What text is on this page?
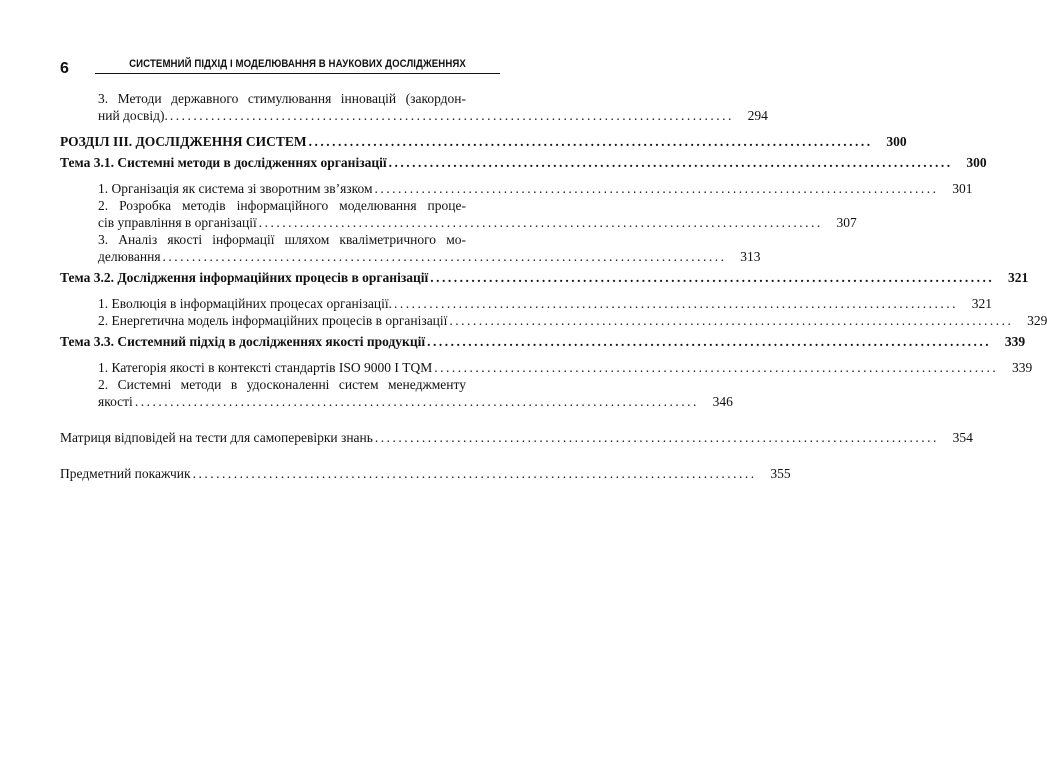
6	СИСТЕМНИЙ ПІДХІД І МОДЕЛЮВАННЯ В НАУКОВИХ ДОСЛІДЖЕННЯХ
3. Методи державного стимулювання інновацій (закордон-
ний досвід). ................................................................................................	294
РОЗДІЛ ІІІ. ДОСЛІДЖЕННЯ СИСТЕМ ................................................................................................	300
Тема 3.1. Системні методи в дослідженнях організації ................................................................................................	300
1. Організація як система зі зворотним зв’язком ................................................................................................	301
2. Розробка методів інформаційного моделювання проце-
сів управління в організації ................................................................................................	307
3. Аналіз якості інформації шляхом кваліметричного мо-
делювання ................................................................................................	313
Тема 3.2. Дослідження інформаційних процесів в організації ................................................................................................	321
1. Еволюція в інформаційних процесах організації. ................................................................................................	321
2. Енергетична модель інформаційних процесів в організації ................................................................................................	329
Тема 3.3. Системний підхід в дослідженнях якості продукції ................................................................................................	339
1. Категорія якості в контексті стандартів ISO 9000 І TQM ................................................................................................	339
2. Системні методи в удосконаленні систем менеджменту
якості ................................................................................................	346
Матриця відповідей на тести для самоперевірки знань ................................................................................................	354
Предметний покажчик ................................................................................................	355
